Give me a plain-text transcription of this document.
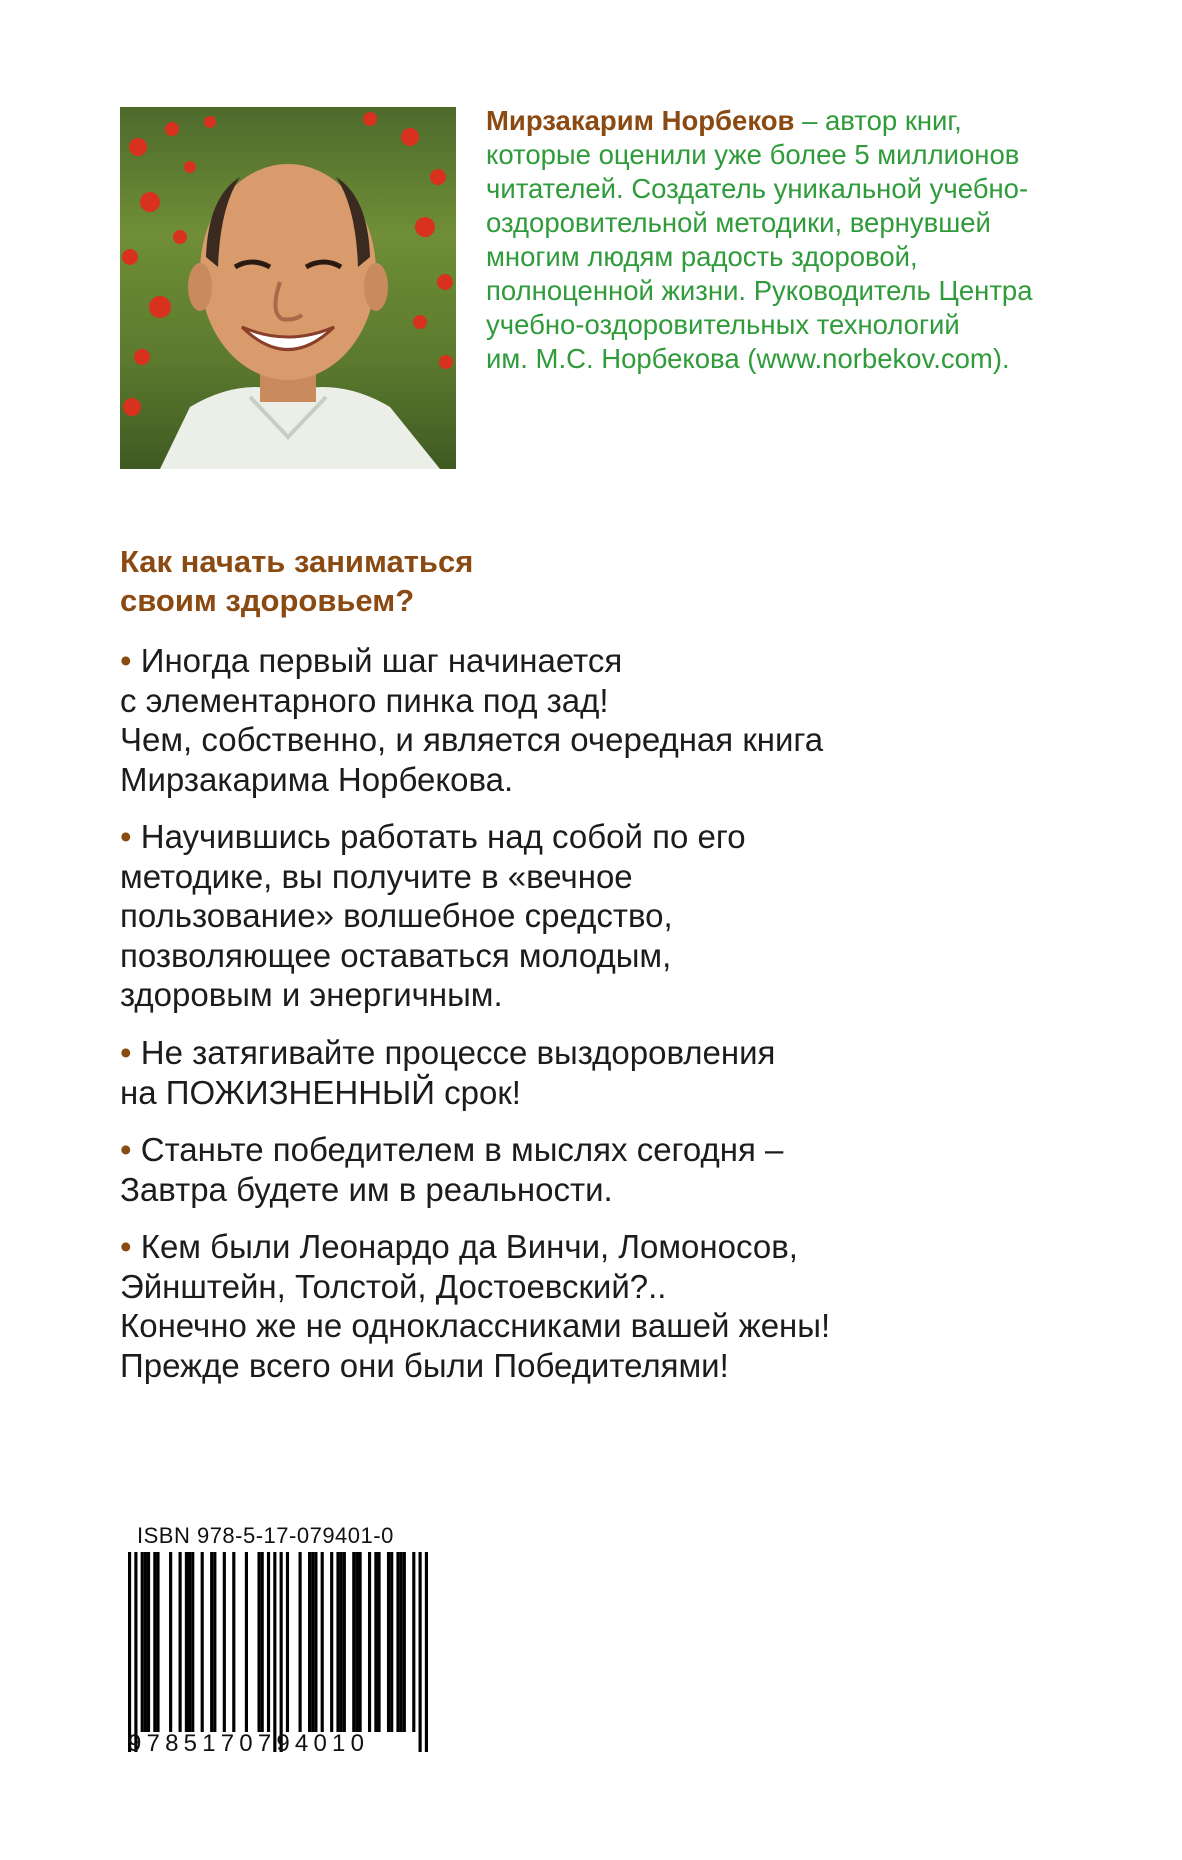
Мирзакарим Норбеков – автор книг,
которые оценили уже более 5 миллионов
читателей. Создатель уникальной учебно-
оздоровительной методики, вернувшей
многим людям радость здоровой,
полноценной жизни. Руководитель Центра
учебно-оздоровительных технологий
им. М.С. Норбекова (www.norbekov.com).

Как начать заниматься
своим здоровьем?
• Иногда первый шаг начинается
с элементарного пинка под зад!
Чем, собственно, и является очередная книга
Мирзакарима Норбекова.
• Научившись работать над собой по его
методике, вы получите в «вечное
пользование» волшебное средство,
позволяющее оставаться молодым,
здоровым и энергичным.
• Не затягивайте процессе выздоровления
на ПОЖИЗНЕННЫЙ срок!
• Станьте победителем в мыслях сегодня –
Завтра будете им в реальности.
• Кем были Леонардо да Винчи, Ломоносов,
Эйнштейн, Толстой, Достоевский?..
Конечно же не одноклассниками вашей жены!
Прежде всего они были Победителями!
ISBN 978-5-17-079401-0
9785170794010
